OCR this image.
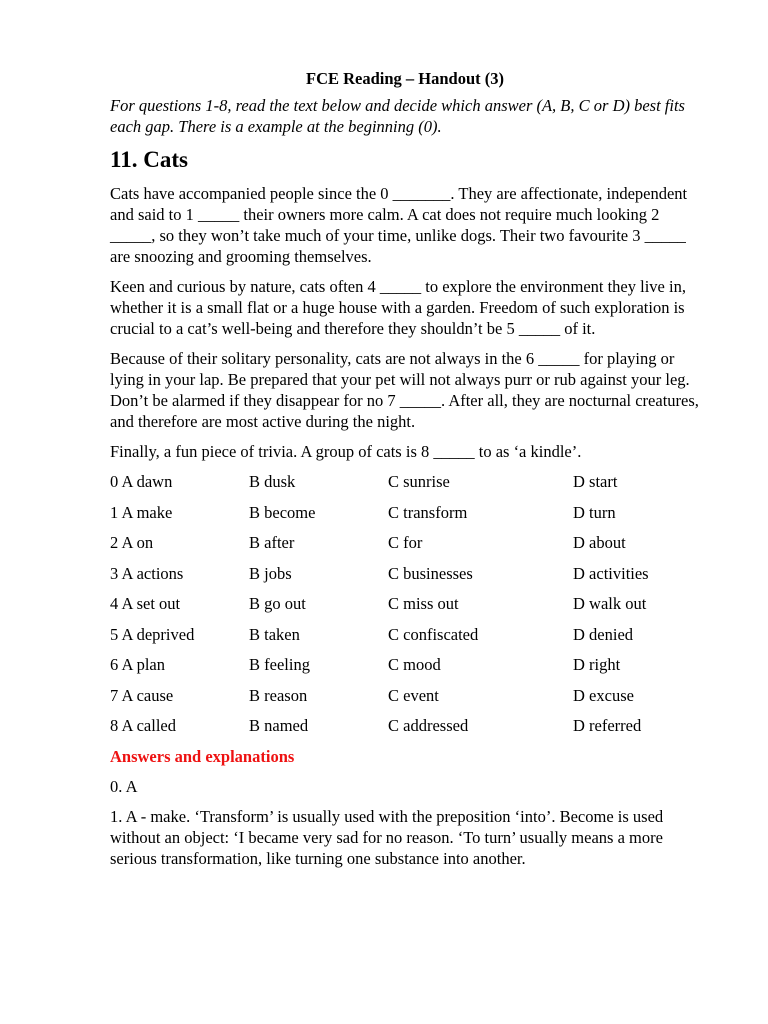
FCE Reading – Handout (3)
For questions 1-8, read the text below and decide which answer (A, B, C or D) best fits each gap. There is a example at the beginning (0).
11. Cats

Cats have accompanied people since the 0 _______. They are affectionate, independent and said to 1 _____ their owners more calm. A cat does not require much looking 2 _____, so they won’t take much of your time, unlike dogs. Their two favourite 3 _____ are snoozing and grooming themselves.

Keen and curious by nature, cats often 4 _____ to explore the environment they live in, whether it is a small flat or a huge house with a garden. Freedom of such exploration is crucial to a cat’s well-being and therefore they shouldn’t be 5 _____ of it.

Because of their solitary personality, cats are not always in the 6 _____ for playing or lying in your lap. Be prepared that your pet will not always purr or rub against your leg. Don’t be alarmed if they disappear for no 7 _____. After all, they are nocturnal creatures, and therefore are most active during the night.

Finally, a fun piece of trivia. A group of cats is 8 _____ to as ‘a kindle’.

0 A dawn	B dusk	C sunrise	D start
1 A make	B become	C transform	D turn
2 A on	B after	C for	D about
3 A actions	B jobs	C businesses	D activities
4 A set out	B go out	C miss out	D walk out
5 A deprived	B taken	C confiscated	D denied
6 A plan	B feeling	C mood	D right
7 A cause	B reason	C event	D excuse
8 A called	B named	C addressed	D referred
Answers and explanations

0. A

1. A - make. ‘Transform’ is usually used with the preposition ‘into’. Become is used without an object: ‘I became very sad for no reason. ‘To turn’ usually means a more serious transformation, like turning one substance into another.
